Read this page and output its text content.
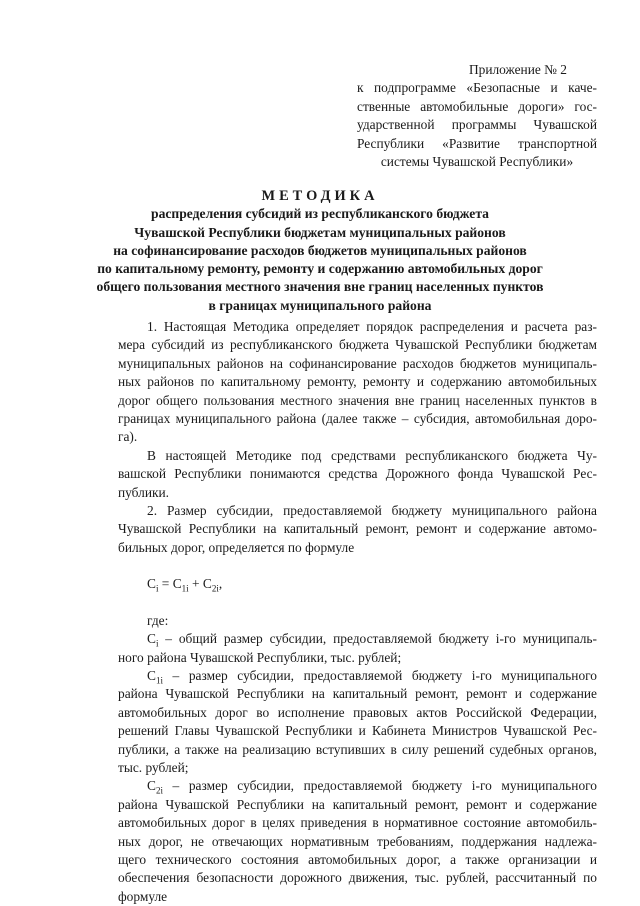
Приложение № 2
к подпрограмме «Безопасные и каче-
ственные автомобильные дороги» гос-
ударственной программы Чувашской
Республики «Развитие транспортной
системы Чувашской Республики»
МЕТОДИКА
распределения субсидий из республиканского бюджета
Чувашской Республики бюджетам муниципальных районов
на софинансирование расходов бюджетов муниципальных районов
по капитальному ремонту, ремонту и содержанию автомобильных дорог
общего пользования местного значения вне границ населенных пунктов
в границах муниципального района
1. Настоящая Методика определяет порядок распределения и расчета раз-
мера субсидий из республиканского бюджета Чувашской Республики бюджетам
муниципальных районов на софинансирование расходов бюджетов муниципаль-
ных районов по капитальному ремонту, ремонту и содержанию автомобильных
дорог общего пользования местного значения вне границ населенных пунктов в
границах муниципального района (далее также – субсидия, автомобильная доро-
га).
В настоящей Методике под средствами республиканского бюджета Чу-
вашской Республики понимаются средства Дорожного фонда Чувашской Рес-
публики.
2. Размер субсидии, предоставляемой бюджету муниципального района
Чувашской Республики на капитальный ремонт, ремонт и содержание автомо-
бильных дорог, определяется по формуле
$C_i = C_{1i} + C_{2i}$,
где:
$C_i$ – общий размер субсидии, предоставляемой бюджету i-го муниципаль-
ного района Чувашской Республики, тыс. рублей;
$C_{1i}$ – размер субсидии, предоставляемой бюджету i-го муниципального
района Чувашской Республики на капитальный ремонт, ремонт и содержание
автомобильных дорог во исполнение правовых актов Российской Федерации,
решений Главы Чувашской Республики и Кабинета Министров Чувашской Рес-
публики, а также на реализацию вступивших в силу решений судебных органов,
тыс. рублей;
$C_{2i}$ – размер субсидии, предоставляемой бюджету i-го муниципального
района Чувашской Республики на капитальный ремонт, ремонт и содержание
автомобильных дорог в целях приведения в нормативное состояние автомобиль-
ных дорог, не отвечающих нормативным требованиям, поддержания надлежа-
щего технического состояния автомобильных дорог, а также организации и
обеспечения безопасности дорожного движения, тыс. рублей, рассчитанный по
формуле
